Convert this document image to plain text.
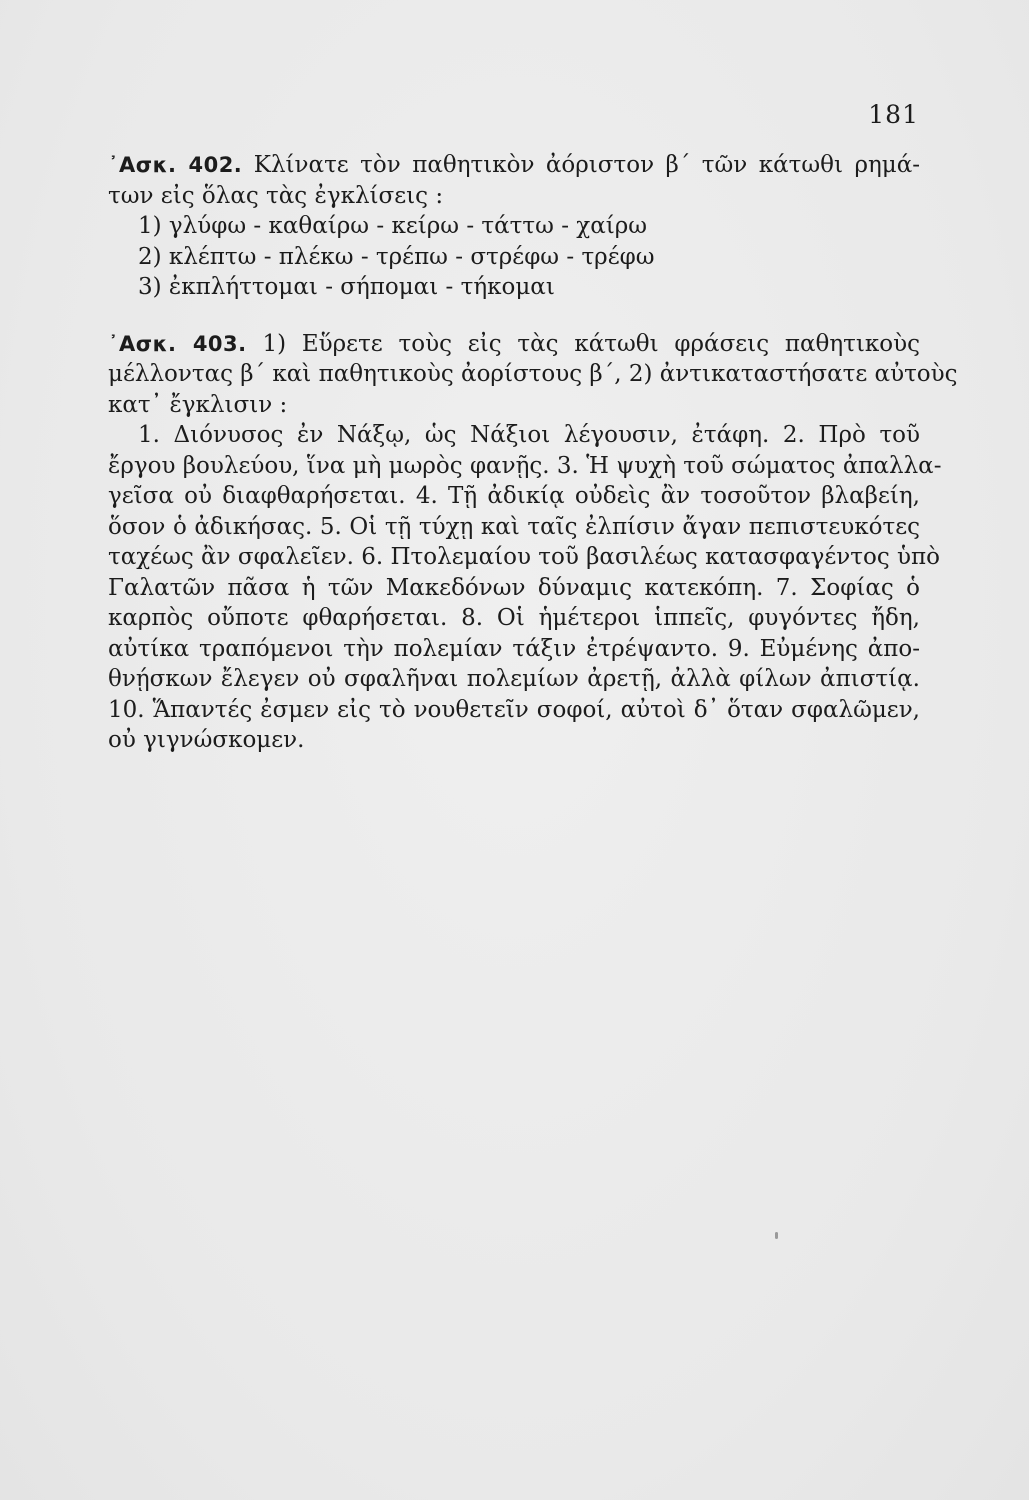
181
᾿Ασκ. 402. Κλίνατε τὸν παθητικὸν ἀόριστον β΄ τῶν κάτωθι ρημά-
των εἰς ὅλας τὰς ἐγκλίσεις :
1) γλύφω - καθαίρω - κείρω - τάττω - χαίρω
2) κλέπτω - πλέκω - τρέπω - στρέφω - τρέφω
3) ἐκπλήττομαι - σήπομαι - τήκομαι
᾿Ασκ. 403. 1) Εὕρετε τοὺς εἰς τὰς κάτωθι φράσεις παθητικοὺς
μέλλοντας β΄ καὶ παθητικοὺς ἀορίστους β΄, 2) ἀντικαταστήσατε αὐτοὺς
κατ᾿ ἔγκλισιν :
1. Διόνυσος ἐν Νάξῳ, ὡς Νάξιοι λέγουσιν, ἐτάφη. 2. Πρὸ τοῦ
ἔργου βουλεύου, ἵνα μὴ μωρὸς φανῇς. 3. Ἡ ψυχὴ τοῦ σώματος ἀπαλλα-
γεῖσα οὐ διαφθαρήσεται. 4. Τῇ ἀδικίᾳ οὐδεὶς ἂν τοσοῦτον βλαβείη,
ὅσον ὁ ἀδικήσας. 5. Οἱ τῇ τύχῃ καὶ ταῖς ἐλπίσιν ἄγαν πεπιστευκότες
ταχέως ἂν σφαλεῖεν. 6. Πτολεμαίου τοῦ βασιλέως κατασφαγέντος ὑπὸ
Γαλατῶν πᾶσα ἡ τῶν Μακεδόνων δύναμις κατεκόπη. 7. Σοφίας ὁ
καρπὸς οὔποτε φθαρήσεται. 8. Οἱ ἡμέτεροι ἱππεῖς, φυγόντες ἤδη,
αὐτίκα τραπόμενοι τὴν πολεμίαν τάξιν ἐτρέψαντο. 9. Εὐμένης ἀπο-
θνῄσκων ἔλεγεν οὐ σφαλῆναι πολεμίων ἀρετῇ, ἀλλὰ φίλων ἀπιστίᾳ.
10. Ἅπαντές ἐσμεν εἰς τὸ νουθετεῖν σοφοί, αὐτοὶ δ᾿ ὅταν σφαλῶμεν,
οὐ γιγνώσκομεν.
